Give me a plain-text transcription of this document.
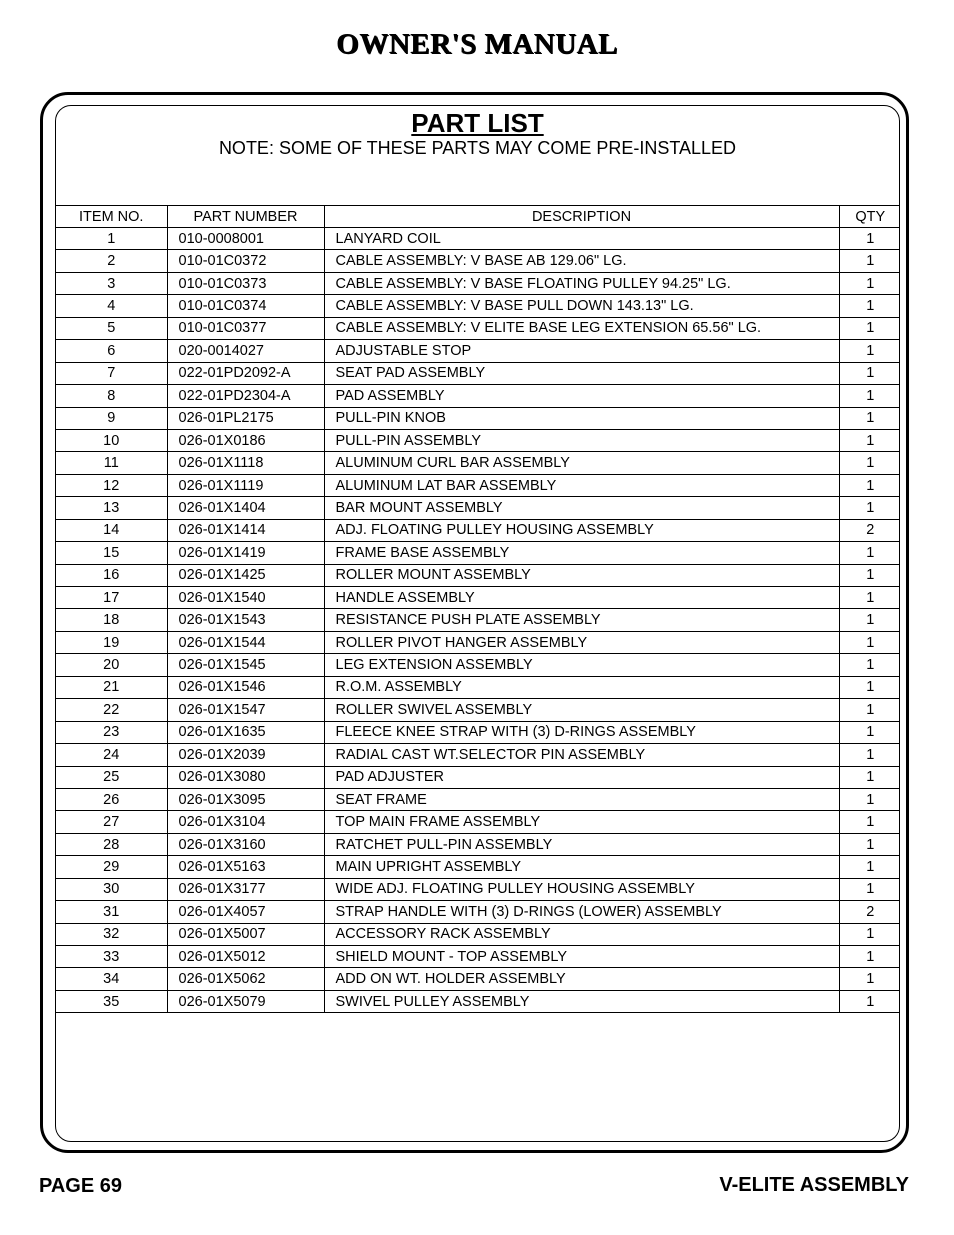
OWNER'S MANUAL
PART LIST
NOTE: SOME OF THESE PARTS MAY COME PRE-INSTALLED
ITEM NO.	PART NUMBER	DESCRIPTION	QTY
1	010-0008001	LANYARD COIL	1
2	010-01C0372	CABLE ASSEMBLY: V BASE AB 129.06" LG.	1
3	010-01C0373	CABLE ASSEMBLY: V BASE FLOATING PULLEY 94.25" LG.	1
4	010-01C0374	CABLE ASSEMBLY: V BASE PULL DOWN 143.13" LG.	1
5	010-01C0377	CABLE ASSEMBLY: V ELITE BASE LEG EXTENSION 65.56" LG.	1
6	020-0014027	ADJUSTABLE STOP	1
7	022-01PD2092-A	SEAT PAD ASSEMBLY	1
8	022-01PD2304-A	PAD ASSEMBLY	1
9	026-01PL2175	PULL-PIN KNOB	1
10	026-01X0186	PULL-PIN ASSEMBLY	1
11	026-01X1118	ALUMINUM CURL BAR ASSEMBLY	1
12	026-01X1119	ALUMINUM LAT BAR ASSEMBLY	1
13	026-01X1404	BAR MOUNT ASSEMBLY	1
14	026-01X1414	ADJ. FLOATING PULLEY HOUSING ASSEMBLY	2
15	026-01X1419	FRAME BASE ASSEMBLY	1
16	026-01X1425	ROLLER MOUNT ASSEMBLY	1
17	026-01X1540	HANDLE ASSEMBLY	1
18	026-01X1543	RESISTANCE PUSH PLATE ASSEMBLY	1
19	026-01X1544	ROLLER PIVOT HANGER ASSEMBLY	1
20	026-01X1545	LEG EXTENSION ASSEMBLY	1
21	026-01X1546	R.O.M. ASSEMBLY	1
22	026-01X1547	ROLLER SWIVEL ASSEMBLY	1
23	026-01X1635	FLEECE KNEE STRAP WITH (3) D-RINGS ASSEMBLY	1
24	026-01X2039	RADIAL CAST WT.SELECTOR PIN ASSEMBLY	1
25	026-01X3080	PAD ADJUSTER	1
26	026-01X3095	SEAT FRAME	1
27	026-01X3104	TOP MAIN FRAME ASSEMBLY	1
28	026-01X3160	RATCHET PULL-PIN ASSEMBLY	1
29	026-01X5163	MAIN UPRIGHT ASSEMBLY	1
30	026-01X3177	WIDE ADJ. FLOATING PULLEY HOUSING ASSEMBLY	1
31	026-01X4057	STRAP HANDLE WITH (3) D-RINGS (LOWER) ASSEMBLY	2
32	026-01X5007	ACCESSORY RACK ASSEMBLY	1
33	026-01X5012	SHIELD MOUNT - TOP ASSEMBLY	1
34	026-01X5062	ADD ON WT. HOLDER ASSEMBLY	1
35	026-01X5079	SWIVEL PULLEY ASSEMBLY	1
PAGE 69	V-ELITE ASSEMBLY
